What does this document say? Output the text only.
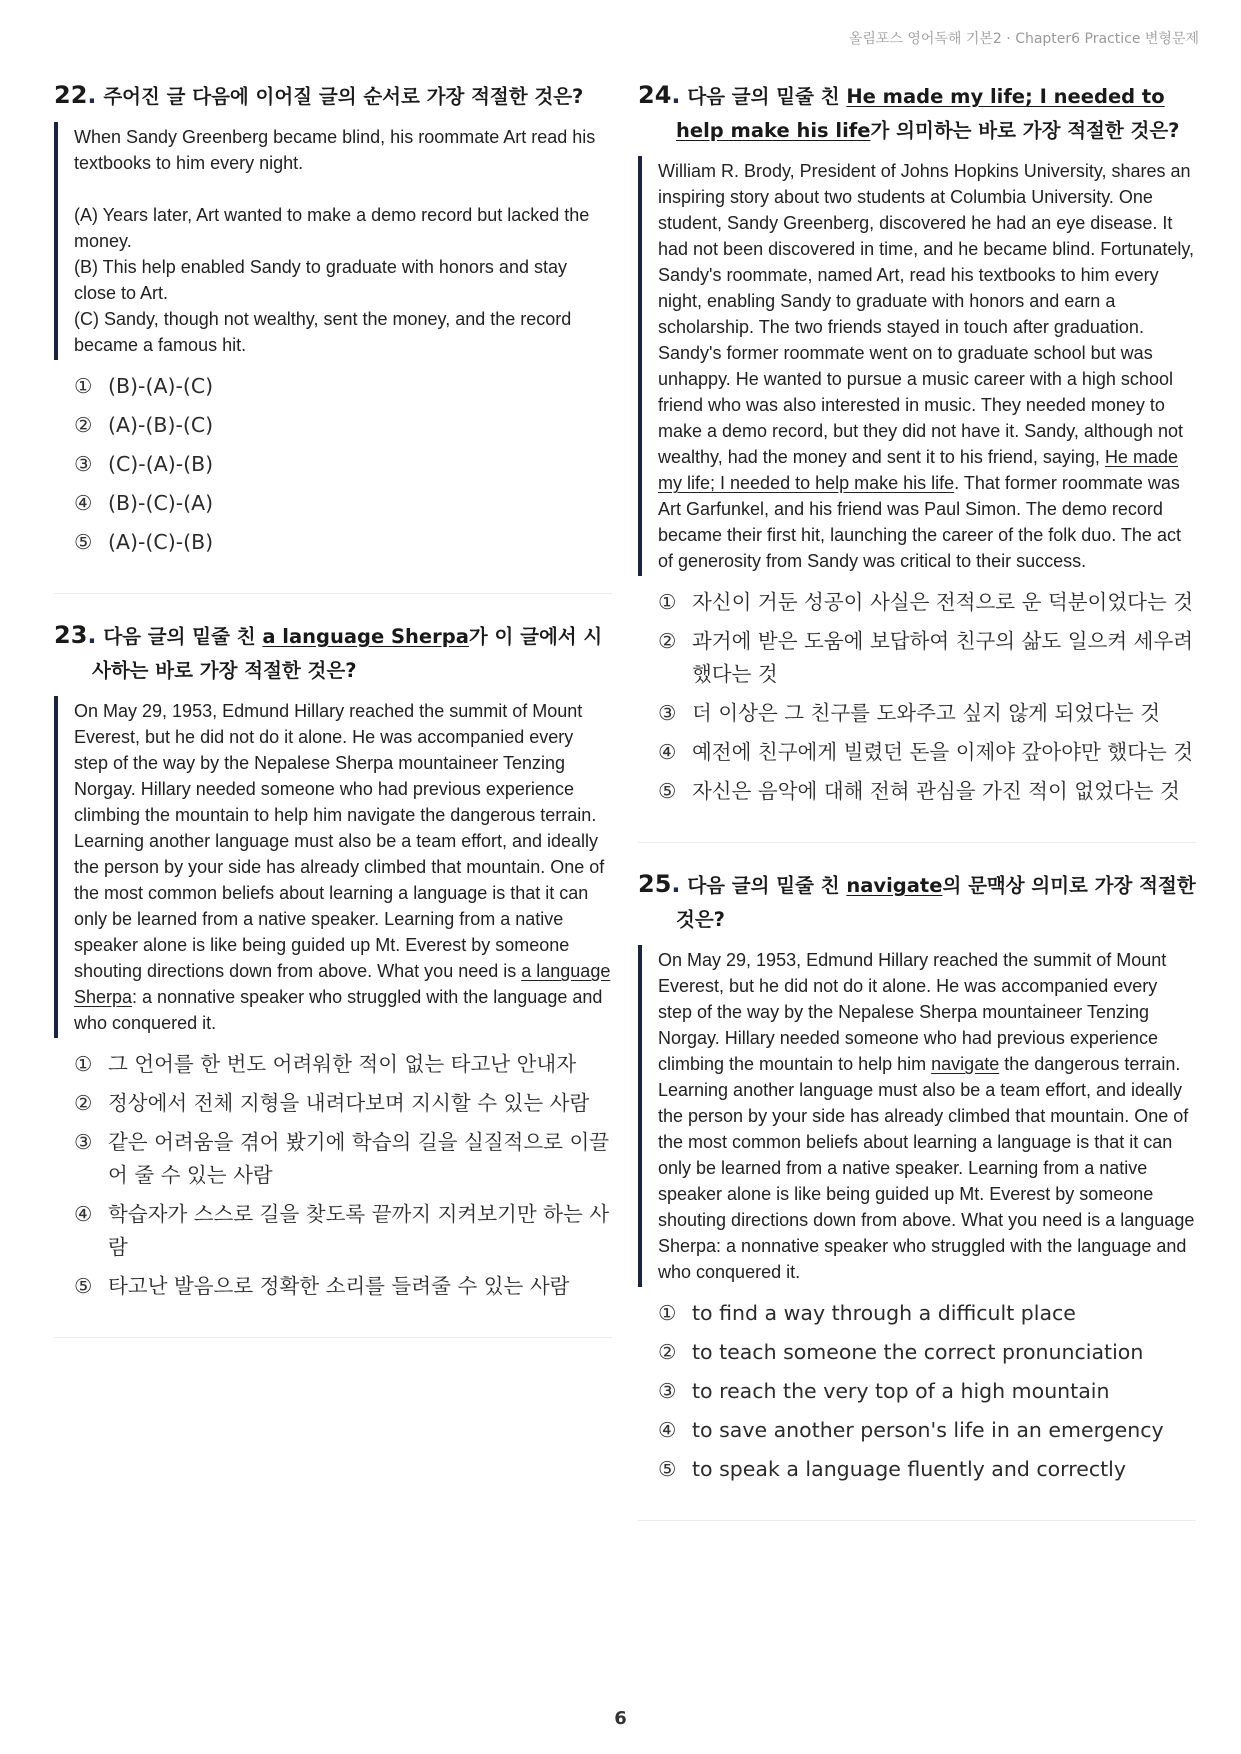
올림포스 영어독해 기본2 · Chapter6 Practice 변형문제
22. 주어진 글 다음에 이어질 글의 순서로 가장 적절한 것은?

When Sandy Greenberg became blind, his roommate Art read his textbooks to him every night.

(A) Years later, Art wanted to make a demo record but lacked the money.

(B) This help enabled Sandy to graduate with honors and stay close to Art.

(C) Sandy, though not wealthy, sent the money, and the record became a famous hit.

① (B)-(A)-(C)
② (A)-(B)-(C)
③ (C)-(A)-(B)
④ (B)-(C)-(A)
⑤ (A)-(C)-(B)
23. 다음 글의 밑줄 친 a language Sherpa가 이 글에서 시사하는 바로 가장 적절한 것은?

On May 29, 1953, Edmund Hillary reached the summit of Mount Everest, but he did not do it alone. He was accompanied every step of the way by the Nepalese Sherpa mountaineer Tenzing Norgay. Hillary needed someone who had previous experience climbing the mountain to help him navigate the dangerous terrain. Learning another language must also be a team effort, and ideally the person by your side has already climbed that mountain. One of the most common beliefs about learning a language is that it can only be learned from a native speaker. Learning from a native speaker alone is like being guided up Mt. Everest by someone shouting directions down from above. What you need is a language Sherpa: a nonnative speaker who struggled with the language and who conquered it.

① 그 언어를 한 번도 어려워한 적이 없는 타고난 안내자
② 정상에서 전체 지형을 내려다보며 지시할 수 있는 사람
③ 같은 어려움을 겪어 봤기에 학습의 길을 실질적으로 이끌어 줄 수 있는 사람
④ 학습자가 스스로 길을 찾도록 끝까지 지켜보기만 하는 사람
⑤ 타고난 발음으로 정확한 소리를 들려줄 수 있는 사람
24. 다음 글의 밑줄 친 He made my life; I needed to help make his life가 의미하는 바로 가장 적절한 것은?

William R. Brody, President of Johns Hopkins University, shares an inspiring story about two students at Columbia University. One student, Sandy Greenberg, discovered he had an eye disease. It had not been discovered in time, and he became blind. Fortunately, Sandy's roommate, named Art, read his textbooks to him every night, enabling Sandy to graduate with honors and earn a scholarship. The two friends stayed in touch after graduation. Sandy's former roommate went on to graduate school but was unhappy. He wanted to pursue a music career with a high school friend who was also interested in music. They needed money to make a demo record, but they did not have it. Sandy, although not wealthy, had the money and sent it to his friend, saying, He made my life; I needed to help make his life. That former roommate was Art Garfunkel, and his friend was Paul Simon. The demo record became their first hit, launching the career of the folk duo. The act of generosity from Sandy was critical to their success.

① 자신이 거둔 성공이 사실은 전적으로 운 덕분이었다는 것
② 과거에 받은 도움에 보답하여 친구의 삶도 일으켜 세우려 했다는 것
③ 더 이상은 그 친구를 도와주고 싶지 않게 되었다는 것
④ 예전에 친구에게 빌렸던 돈을 이제야 갚아야만 했다는 것
⑤ 자신은 음악에 대해 전혀 관심을 가진 적이 없었다는 것
25. 다음 글의 밑줄 친 navigate의 문맥상 의미로 가장 적절한 것은?

On May 29, 1953, Edmund Hillary reached the summit of Mount Everest, but he did not do it alone. He was accompanied every step of the way by the Nepalese Sherpa mountaineer Tenzing Norgay. Hillary needed someone who had previous experience climbing the mountain to help him navigate the dangerous terrain. Learning another language must also be a team effort, and ideally the person by your side has already climbed that mountain. One of the most common beliefs about learning a language is that it can only be learned from a native speaker. Learning from a native speaker alone is like being guided up Mt. Everest by someone shouting directions down from above. What you need is a language Sherpa: a nonnative speaker who struggled with the language and who conquered it.

① to find a way through a difficult place
② to teach someone the correct pronunciation
③ to reach the very top of a high mountain
④ to save another person's life in an emergency
⑤ to speak a language fluently and correctly
6
